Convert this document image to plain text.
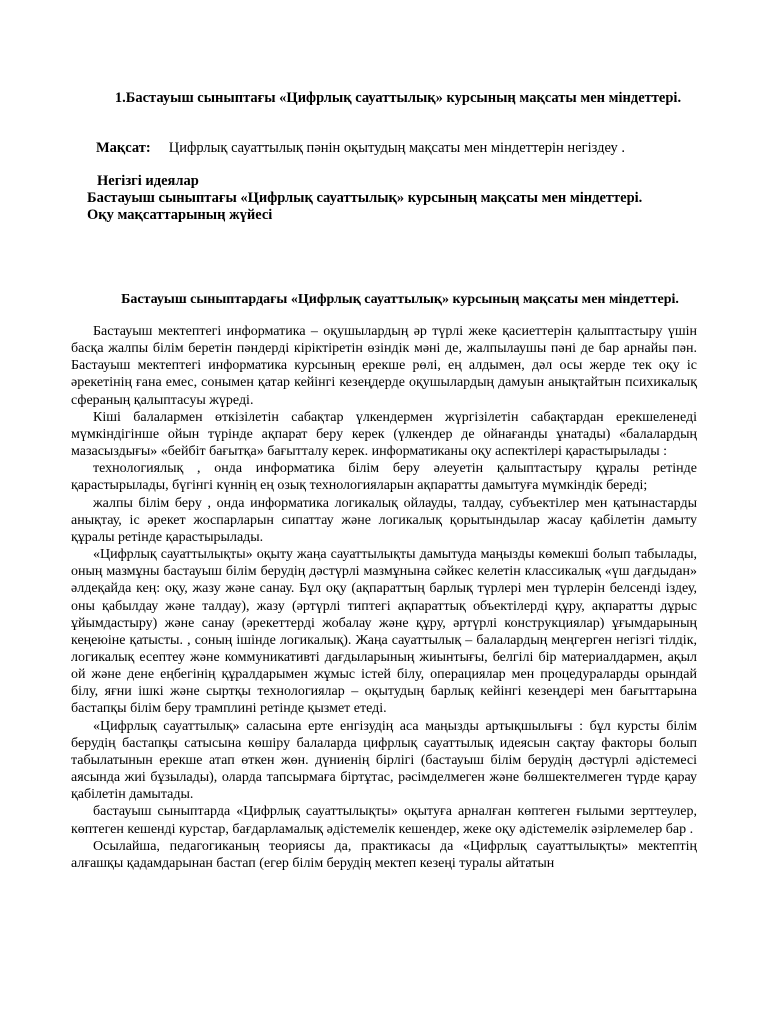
1.Бастауыш сыныптағы «Цифрлық сауаттылық» курсының мақсаты мен міндеттері.
Мақсат: Цифрлық сауаттылық пәнін оқытудың мақсаты мен міндеттерін негіздеу .
Негізгі идеялар
Бастауыш сыныптағы «Цифрлық сауаттылық» курсының мақсаты мен міндеттері.
Оқу мақсаттарының жүйесі
Бастауыш сыныптардағы «Цифрлық сауаттылық» курсының мақсаты мен міндеттері.

Бастауыш мектептегі информатика – оқушылардың әр түрлі жеке қасиеттерін қалыптастыру үшін басқа жалпы білім беретін пәндерді кіріктіретін өзіндік мәні де, жалпылаушы пәні де бар арнайы пән. Бастауыш мектептегі информатика курсының ерекше рөлі, ең алдымен, дәл осы жерде тек оқу іс әрекетінің ғана емес, сонымен қатар кейінгі кезеңдерде оқушылардың дамуын анықтайтын психикалық сфераның қалыптасуы жүреді.

Кіші балалармен өткізілетін сабақтар үлкендермен жүргізілетін сабақтардан ерекшеленеді мүмкіндігінше ойын түрінде ақпарат беру керек (үлкендер де ойнағанды ұнатады) «балалардың мазасыздығы» «бейбіт бағытқа» бағытталу керек. информатиканы оқу аспектілері қарастырылады :

технологиялық , онда информатика білім беру әлеуетін қалыптастыру құралы ретінде қарастырылады, бүгінгі күннің ең озық технологияларын ақпаратты дамытуға мүмкіндік береді;

жалпы білім беру , онда информатика логикалық ойлауды, талдау, субъектілер мен қатынастарды анықтау, іс әрекет жоспарларын сипаттау және логикалық қорытындылар жасау қабілетін дамыту құралы ретінде қарастырылады.

«Цифрлық сауаттылықты» оқыту жаңа сауаттылықты дамытуда маңызды көмекші болып табылады, оның мазмұны бастауыш білім берудің дәстүрлі мазмұнына сәйкес келетін классикалық «үш дағдыдан» әлдеқайда кең: оқу, жазу және санау. Бұл оқу (ақпараттың барлық түрлері мен түрлерін белсенді іздеу, оны қабылдау және талдау), жазу (әртүрлі типтегі ақпараттық объектілерді құру, ақпаратты дұрыс ұйымдастыру) және санау (әрекеттерді жобалау және құру, әртүрлі конструкциялар) ұғымдарының кеңеюіне қатысты. , соның ішінде логикалық). Жаңа сауаттылық – балалардың меңгерген негізгі тілдік, логикалық есептеу және коммуникативті дағдыларының жиынтығы, белгілі бір материалдармен, ақыл ой және дене еңбегінің құралдарымен жұмыс істей білу, операциялар мен процедураларды орындай білу, яғни ішкі және сыртқы технологиялар – оқытудың барлық кейінгі кезеңдері мен бағыттарына бастапқы білім беру трамплині ретінде қызмет етеді.

«Цифрлық сауаттылық» саласына ерте енгізудің аса маңызды артықшылығы : бұл курсты білім берудің бастапқы сатысына көшіру балаларда цифрлық сауаттылық идеясын сақтау факторы болып табылатынын ерекше атап өткен жөн. дүниенің бірлігі (бастауыш білім берудің дәстүрлі әдістемесі аясында жиі бұзылады), оларда тапсырмаға біртұтас, рәсімделмеген және бөлшектелмеген түрде қарау қабілетін дамытады.

бастауыш сыныптарда «Цифрлық сауаттылықты» оқытуға арналған көптеген ғылыми зерттеулер, көптеген кешенді курстар, бағдарламалық әдістемелік кешендер, жеке оқу әдістемелік әзірлемелер бар .

Осылайша, педагогиканың теориясы да, практикасы да «Цифрлық сауаттылықты» мектептің алғашқы қадамдарынан бастап (егер білім берудің мектеп кезеңі туралы айтатын
